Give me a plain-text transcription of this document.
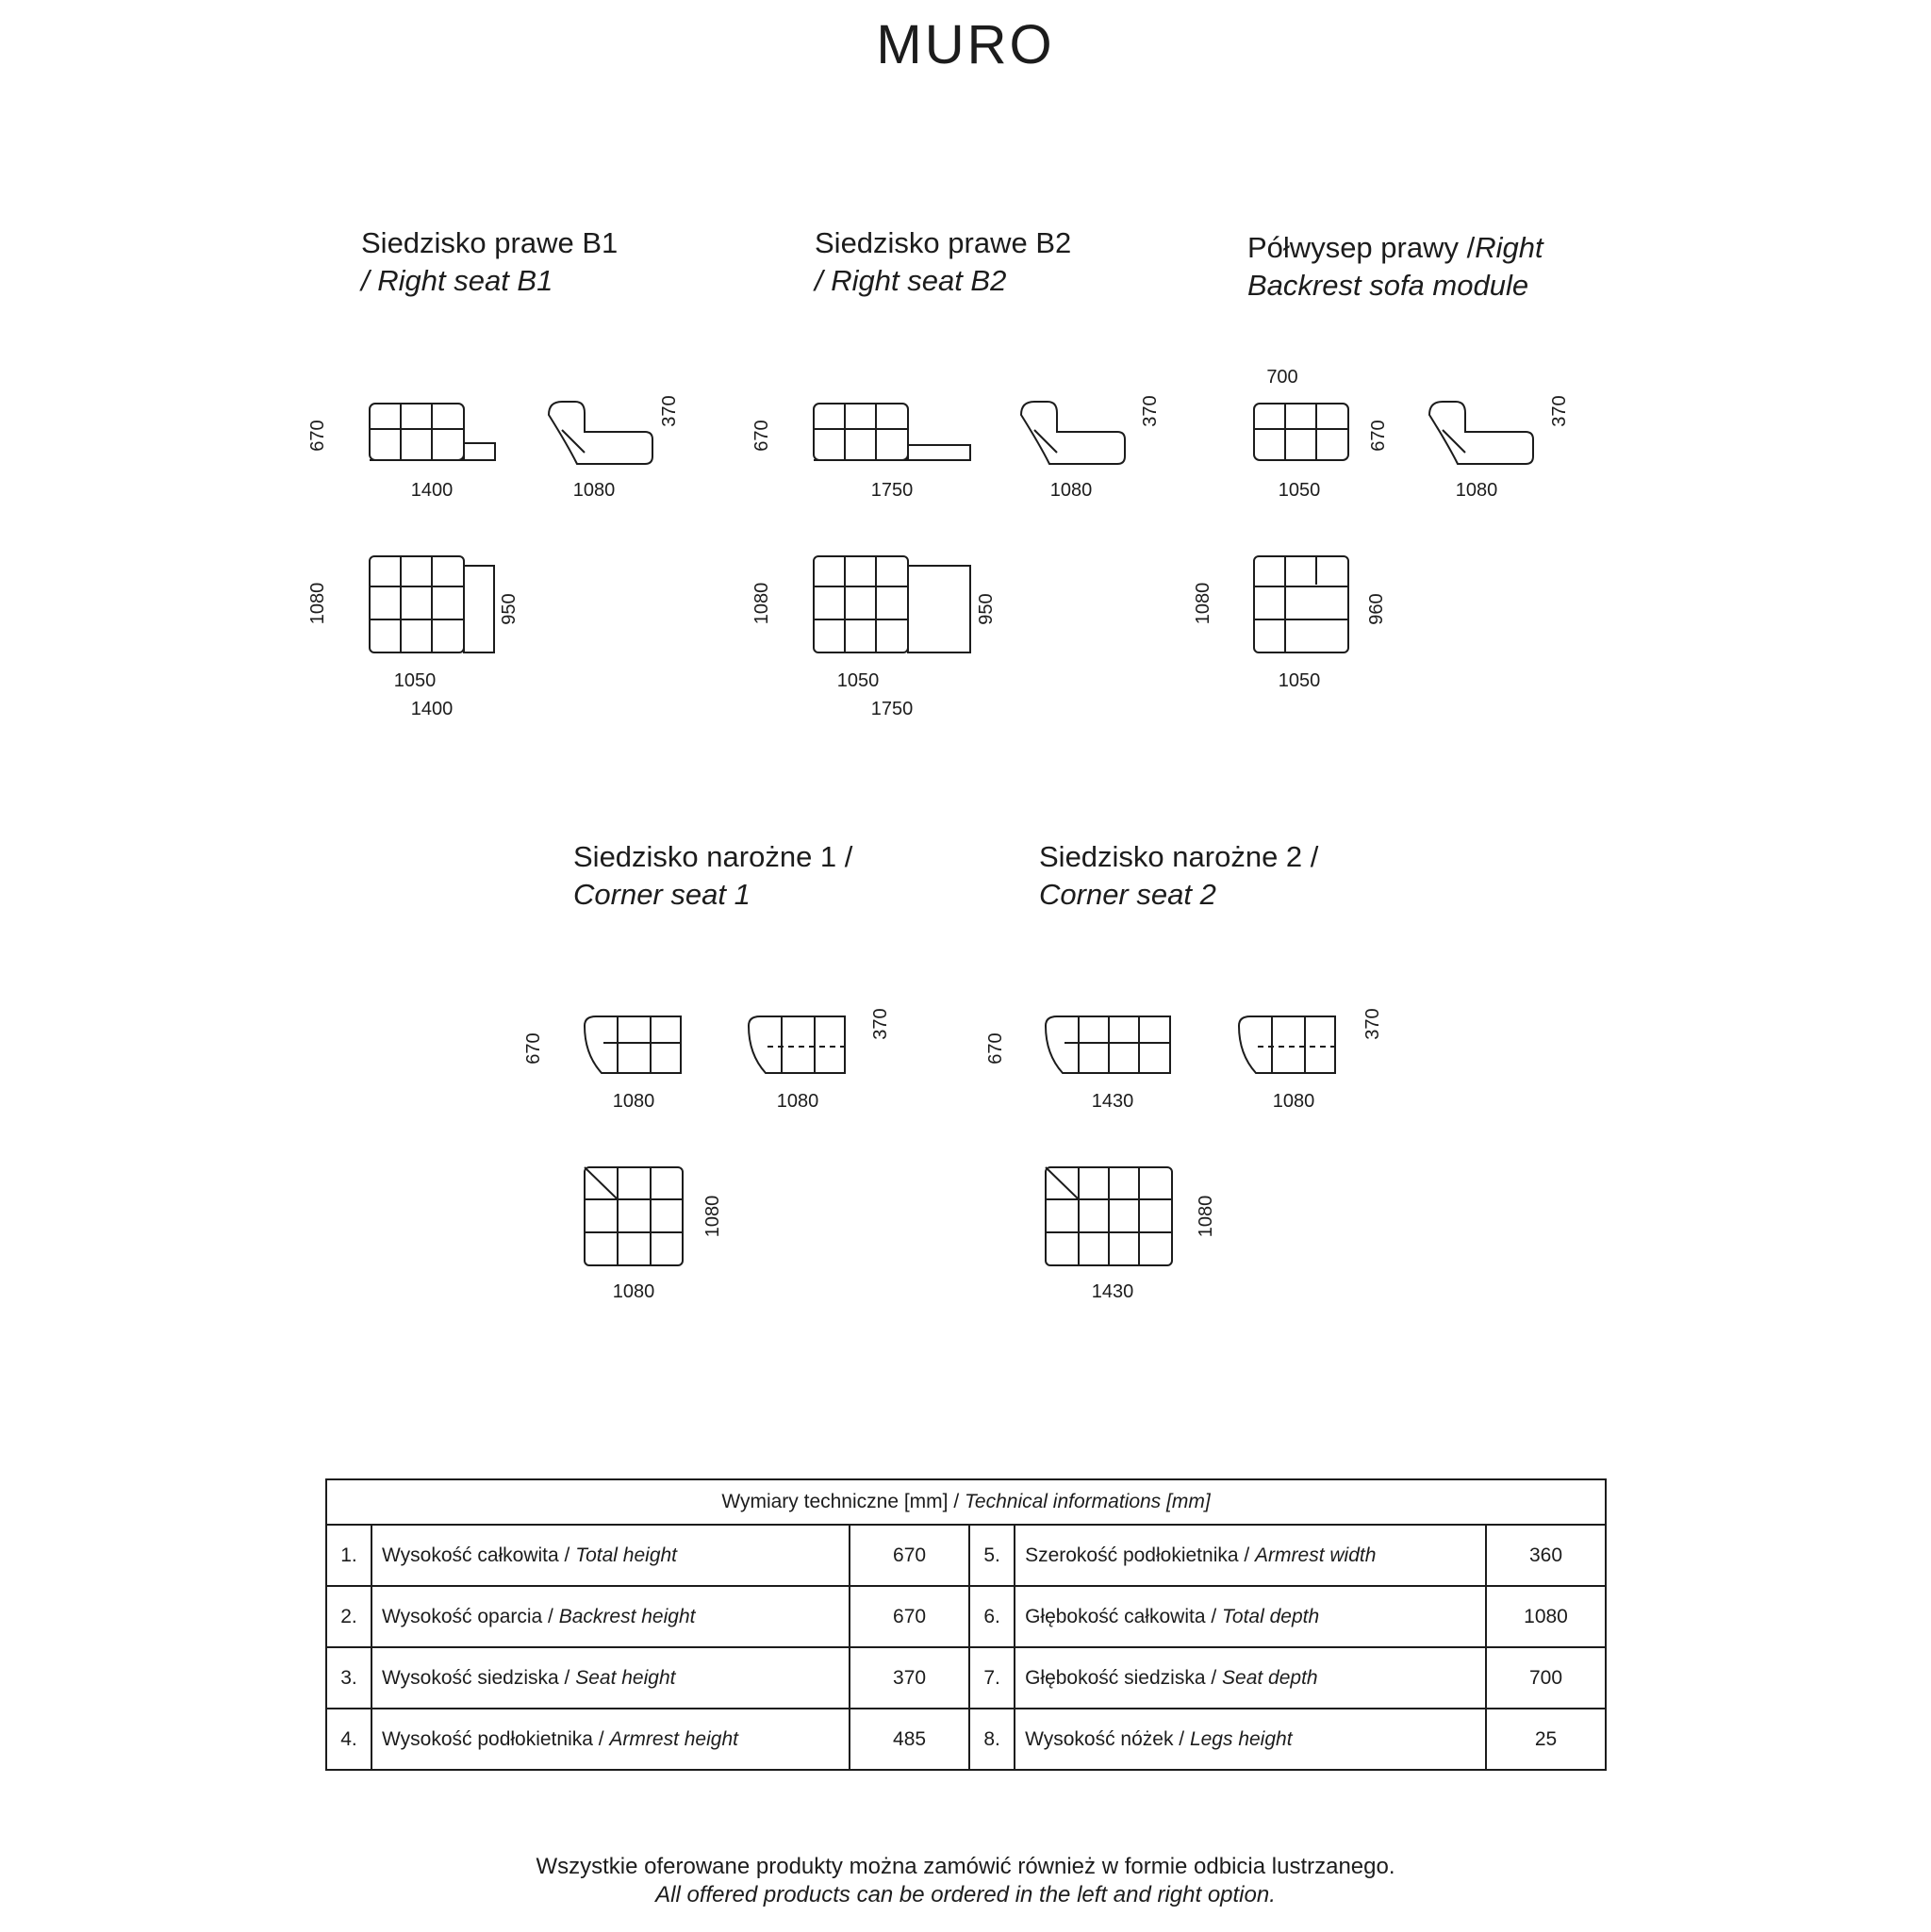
MURO
Siedzisko prawe B1
/ Right seat B1
Siedzisko prawe B2
/ Right seat B2
Półwysep prawy /Right
Backrest sofa module
Siedzisko narożne 1 /
Corner seat 1
Siedzisko narożne 2 /
Corner seat 2
670
370
1400	1080
1080	950
1050
1400
670
370
1750	1080
1080	950
1050
1750
700
670
370
1050	1080
1080	960
1050
670
370
1080	1080
1080
1080
670
370
1430	1080
1080
1430
Wymiary techniczne [mm] / Technical informations [mm]					
1.	Wysokość całkowita / Total height	670	5.	Szerokość podłokietnika / Armrest width	360
2.	Wysokość oparcia / Backrest height	670	6.	Głębokość całkowita / Total depth	1080
3.	Wysokość siedziska / Seat height	370	7.	Głębokość siedziska / Seat depth	700
4.	Wysokość podłokietnika / Armrest height	485	8.	Wysokość nóżek / Legs height	25
Wszystkie oferowane produkty można zamówić również w formie odbicia lustrzanego.
All offered products can be ordered in the left and right option.
